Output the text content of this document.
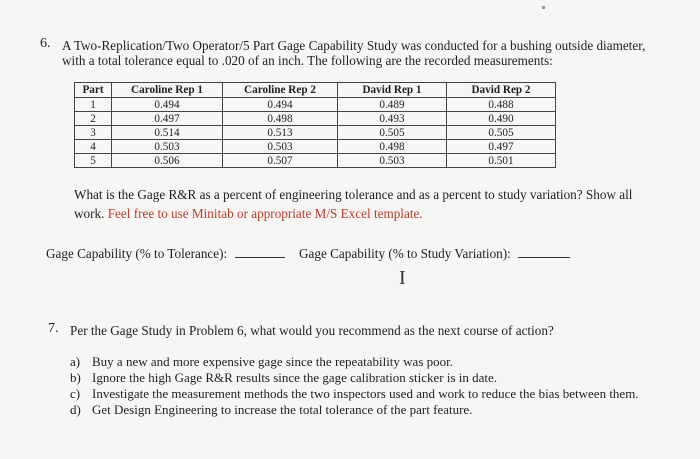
6. A Two-Replication/Two Operator/5 Part Gage Capability Study was conducted for a bushing outside diameter,
with a total tolerance equal to .020 of an inch. The following are the recorded measurements:
Part	Caroline Rep 1	Caroline Rep 2	David Rep 1	David Rep 2
1	0.494	0.494	0.489	0.488
2	0.497	0.498	0.493	0.490
3	0.514	0.513	0.505	0.505
4	0.503	0.503	0.498	0.497
5	0.506	0.507	0.503	0.501
What is the Gage R&R as a percent of engineering tolerance and as a percent to study variation? Show all
work. Feel free to use Minitab or appropriate M/S Excel template.
Gage Capability (% to Tolerance):	Gage Capability (% to Study Variation):
I
7. Per the Gage Study in Problem 6, what would you recommend as the next course of action?
a) Buy a new and more expensive gage since the repeatability was poor.
b) Ignore the high Gage R&R results since the gage calibration sticker is in date.
c) Investigate the measurement methods the two inspectors used and work to reduce the bias between them.
d) Get Design Engineering to increase the total tolerance of the part feature.
